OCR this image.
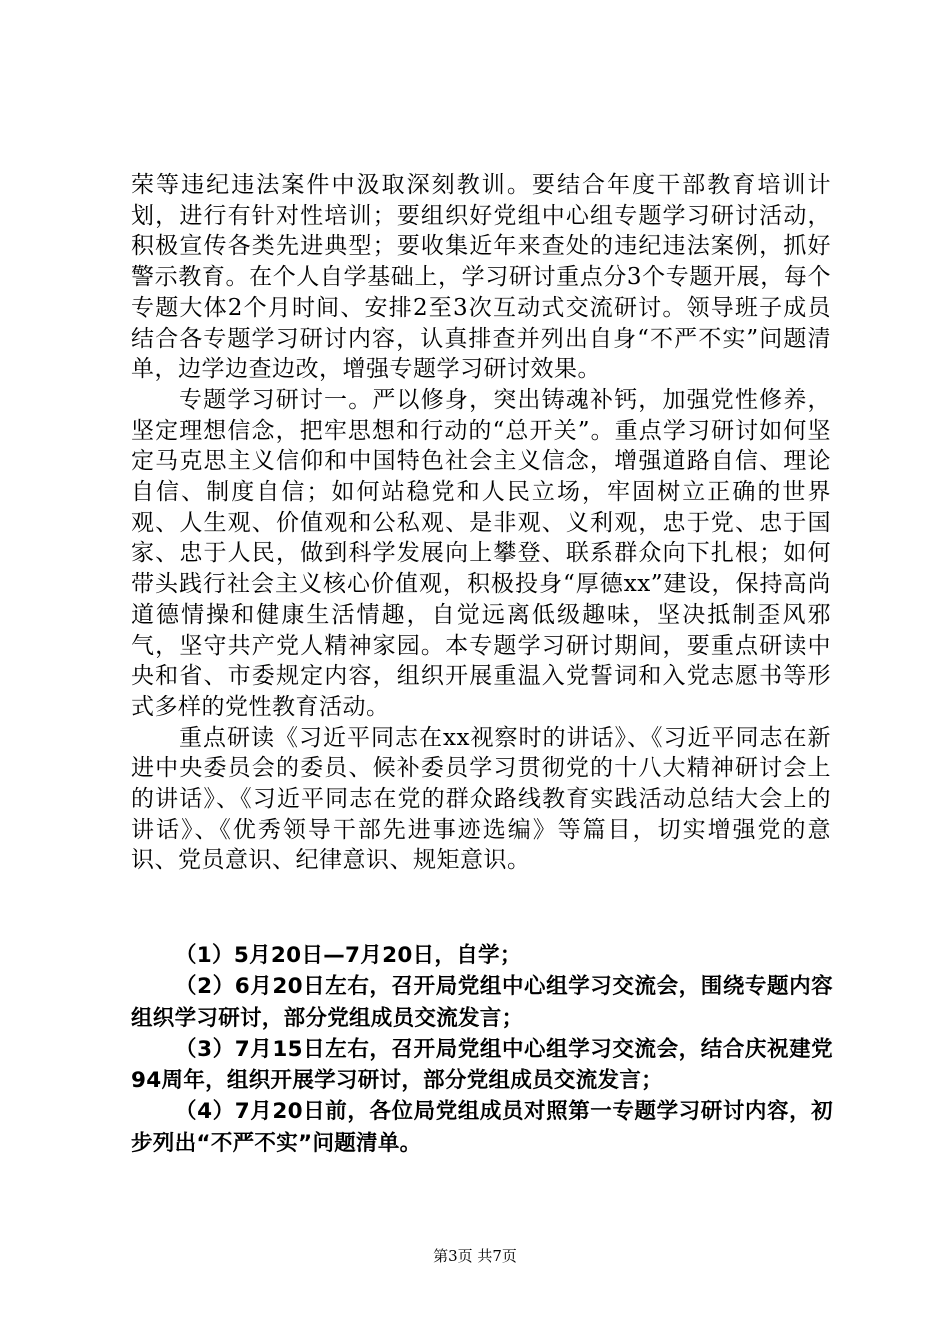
荣等违纪违法案件中汲取深刻教训。要结合年度干部教育培训计划，进行有针对性培训；要组织好党组中心组专题学习研讨活动，积极宣传各类先进典型；要收集近年来查处的违纪违法案例，抓好警示教育。在个人自学基础上，学习研讨重点分3个专题开展，每个专题大体2个月时间、安排2至3次互动式交流研讨。领导班子成员结合各专题学习研讨内容，认真排查并列出自身“不严不实”问题清单，边学边查边改，增强专题学习研讨效果。

专题学习研讨一。严以修身，突出铸魂补钙，加强党性修养，坚定理想信念，把牢思想和行动的“总开关”。重点学习研讨如何坚定马克思主义信仰和中国特色社会主义信念，增强道路自信、理论自信、制度自信；如何站稳党和人民立场，牢固树立正确的世界观、人生观、价值观和公私观、是非观、义利观，忠于党、忠于国家、忠于人民，做到科学发展向上攀登、联系群众向下扎根；如何带头践行社会主义核心价值观，积极投身“厚德xx”建设，保持高尚道德情操和健康生活情趣，自觉远离低级趣味，坚决抵制歪风邪气，坚守共产党人精神家园。本专题学习研讨期间，要重点研读中央和省、市委规定内容，组织开展重温入党誓词和入党志愿书等形式多样的党性教育活动。

重点研读《习近平同志在xx视察时的讲话》、《习近平同志在新进中央委员会的委员、候补委员学习贯彻党的十八大精神研讨会上的讲话》、《习近平同志在党的群众路线教育实践活动总结大会上的讲话》、《优秀领导干部先进事迹选编》等篇目，切实增强党的意识、党员意识、纪律意识、规矩意识。

（1）5月20日—7月20日，自学；

（2）6月20日左右，召开局党组中心组学习交流会，围绕专题内容组织学习研讨，部分党组成员交流发言；

（3）7月15日左右，召开局党组中心组学习交流会，结合庆祝建党94周年，组织开展学习研讨，部分党组成员交流发言；

（4）7月20日前，各位局党组成员对照第一专题学习研讨内容，初步列出“不严不实”问题清单。

第3页 共7页
